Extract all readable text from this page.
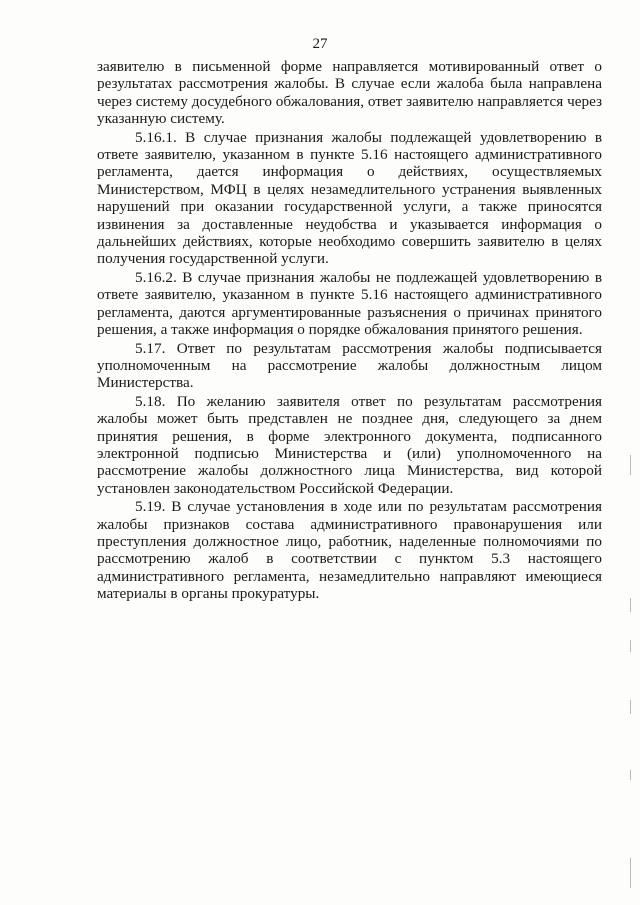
27

заявителю в письменной форме направляется мотивированный ответ о
результатах рассмотрения жалобы. В случае если жалоба была направлена
через систему досудебного обжалования, ответ заявителю направляется через
указанную систему.

5.16.1. В случае признания жалобы подлежащей удовлетворению в
ответе заявителю, указанном в пункте 5.16 настоящего административного
регламента, дается информация о действиях, осуществляемых
Министерством, МФЦ в целях незамедлительного устранения выявленных
нарушений при оказании государственной услуги, а также приносятся
извинения за доставленные неудобства и указывается информация о
дальнейших действиях, которые необходимо совершить заявителю в целях
получения государственной услуги.

5.16.2. В случае признания жалобы не подлежащей удовлетворению в
ответе заявителю, указанном в пункте 5.16 настоящего административного
регламента, даются аргументированные разъяснения о причинах принятого
решения, а также информация о порядке обжалования принятого решения.

5.17. Ответ по результатам рассмотрения жалобы подписывается
уполномоченным на рассмотрение жалобы должностным лицом
Министерства.

5.18. По желанию заявителя ответ по результатам рассмотрения
жалобы может быть представлен не позднее дня, следующего за днем
принятия решения, в форме электронного документа, подписанного
электронной подписью Министерства и (или) уполномоченного на
рассмотрение жалобы должностного лица Министерства, вид которой
установлен законодательством Российской Федерации.

5.19. В случае установления в ходе или по результатам рассмотрения
жалобы признаков состава административного правонарушения или
преступления должностное лицо, работник, наделенные полномочиями по
рассмотрению жалоб в соответствии с пунктом 5.3 настоящего
административного регламента, незамедлительно направляют имеющиеся
материалы в органы прокуратуры.
